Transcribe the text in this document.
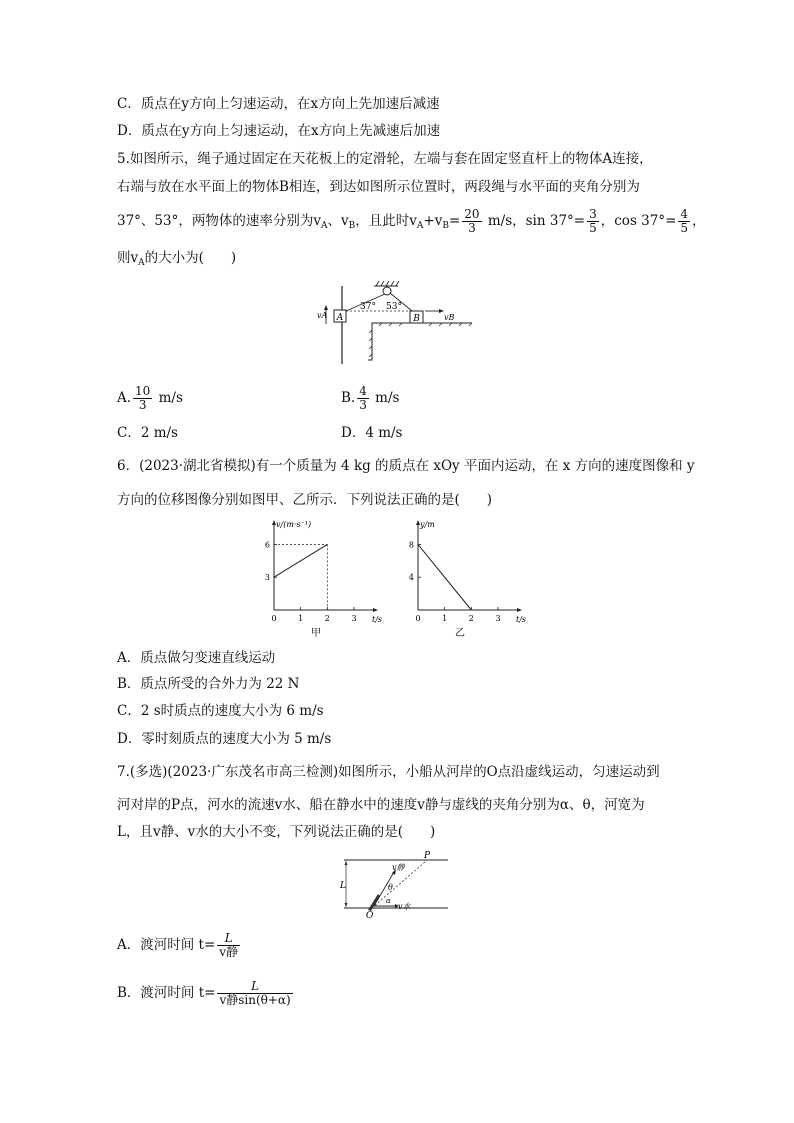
C．质点在y方向上匀速运动，在x方向上先加速后减速
D．质点在y方向上匀速运动，在x方向上先减速后加速
5.如图所示，绳子通过固定在天花板上的定滑轮，左端与套在固定竖直杆上的物体A连接，
右端与放在水平面上的物体B相连，到达如图所示位置时，两段绳与水平面的夹角分别为
37°、53°，两物体的速率分别为$v_A$、$v_B$，且此时$v_A+v_B= \frac{20}{3} m/s$，$\sin 37^\circ= \frac{3}{5}$ ，$\cos 37^\circ= \frac{4}{5}$ ，
则$v_A$的大小为(　　)
A
vA
37° 53°
B	vB
A. $\frac{10}{3} m/s$	B. $\frac{4}{3} m/s$
C．2 m/s	D．4 m/s
6．(2023·湖北省模拟)有一个质量为 4 kg 的质点在 xOy 平面内运动，在 x 方向的速度图像和 y
方向的位移图像分别如图甲、乙所示．下列说法正确的是(　　)
v/(m·s⁻¹)
t/s
0	1	2	3
3
6
甲
y/m
t/s
0	1	2	3
4
8
乙
A．质点做匀变速直线运动
B．质点所受的合外力为 22 N
C．2 s时质点的速度大小为 6 m/s
D．零时刻质点的速度大小为 5 m/s
7.(多选)(2023·广东茂名市高三检测)如图所示，小船从河岸的O点沿虚线运动，匀速运动到
河对岸的P点，河水的流速v水、船在静水中的速度v静与虚线的夹角分别为α、θ，河宽为
L，且v静、v水的大小不变，下列说法正确的是(　　)
L
P
v静
v水
θ
α
O
A．渡河时间 $t= \frac{L}{\text{v静}}$
B．渡河时间 $t= \frac{L}{\text{v静sin(θ+α)}}$
